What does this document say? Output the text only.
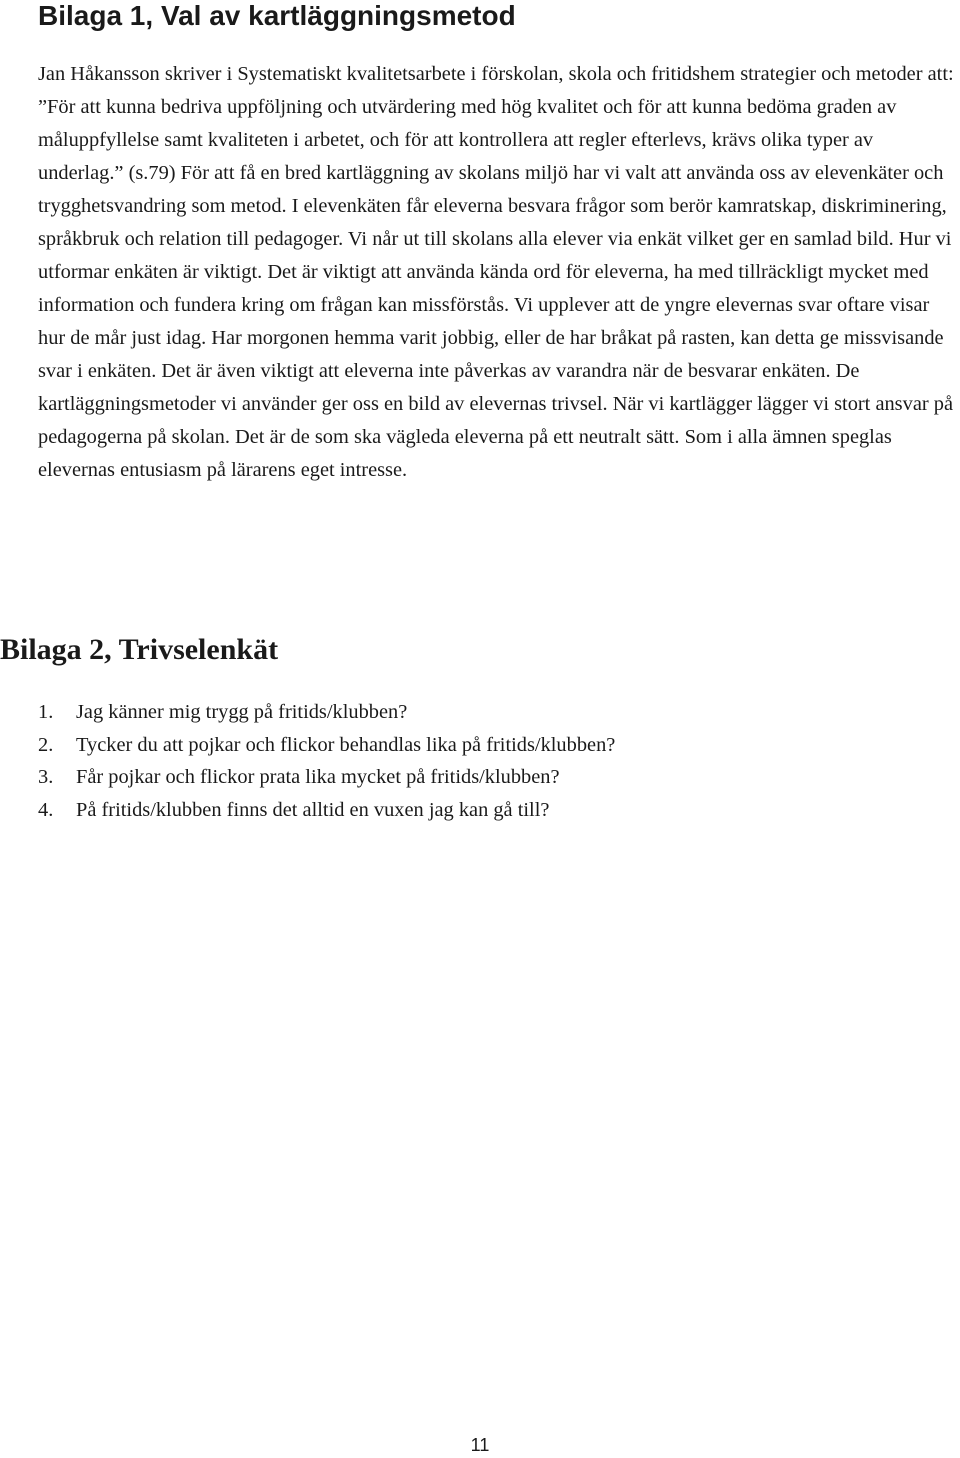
Bilaga 1, Val av kartläggningsmetod

Jan Håkansson skriver i Systematiskt kvalitetsarbete i förskolan, skola och fritidshem strategier och metoder att: ”För att kunna bedriva uppföljning och utvärdering med hög kvalitet och för att kunna bedöma graden av måluppfyllelse samt kvaliteten i arbetet, och för att kontrollera att regler efterlevs, krävs olika typer av underlag.” (s.79) För att få en bred kartläggning av skolans miljö har vi valt att använda oss av elevenkäter och trygghetsvandring som metod. I elevenkäten får eleverna besvara frågor som berör kamratskap, diskriminering, språkbruk och relation till pedagoger. Vi når ut till skolans alla elever via enkät vilket ger en samlad bild. Hur vi utformar enkäten är viktigt. Det är viktigt att använda kända ord för eleverna, ha med tillräckligt mycket med information och fundera kring om frågan kan missförstås. Vi upplever att de yngre elevernas svar oftare visar hur de mår just idag. Har morgonen hemma varit jobbig, eller de har bråkat på rasten, kan detta ge missvisande svar i enkäten. Det är även viktigt att eleverna inte påverkas av varandra när de besvarar enkäten. De kartläggningsmetoder vi använder ger oss en bild av elevernas trivsel. När vi kartlägger lägger vi stort ansvar på pedagogerna på skolan. Det är de som ska vägleda eleverna på ett neutralt sätt. Som i alla ämnen speglas elevernas entusiasm på lärarens eget intresse.

Bilaga 2, Trivselenkät
1.	Jag känner mig trygg på fritids/klubben?
2.	Tycker du att pojkar och flickor behandlas lika på fritids/klubben?
3.	Får pojkar och flickor prata lika mycket på fritids/klubben?
4.	På fritids/klubben finns det alltid en vuxen jag kan gå till?
11
